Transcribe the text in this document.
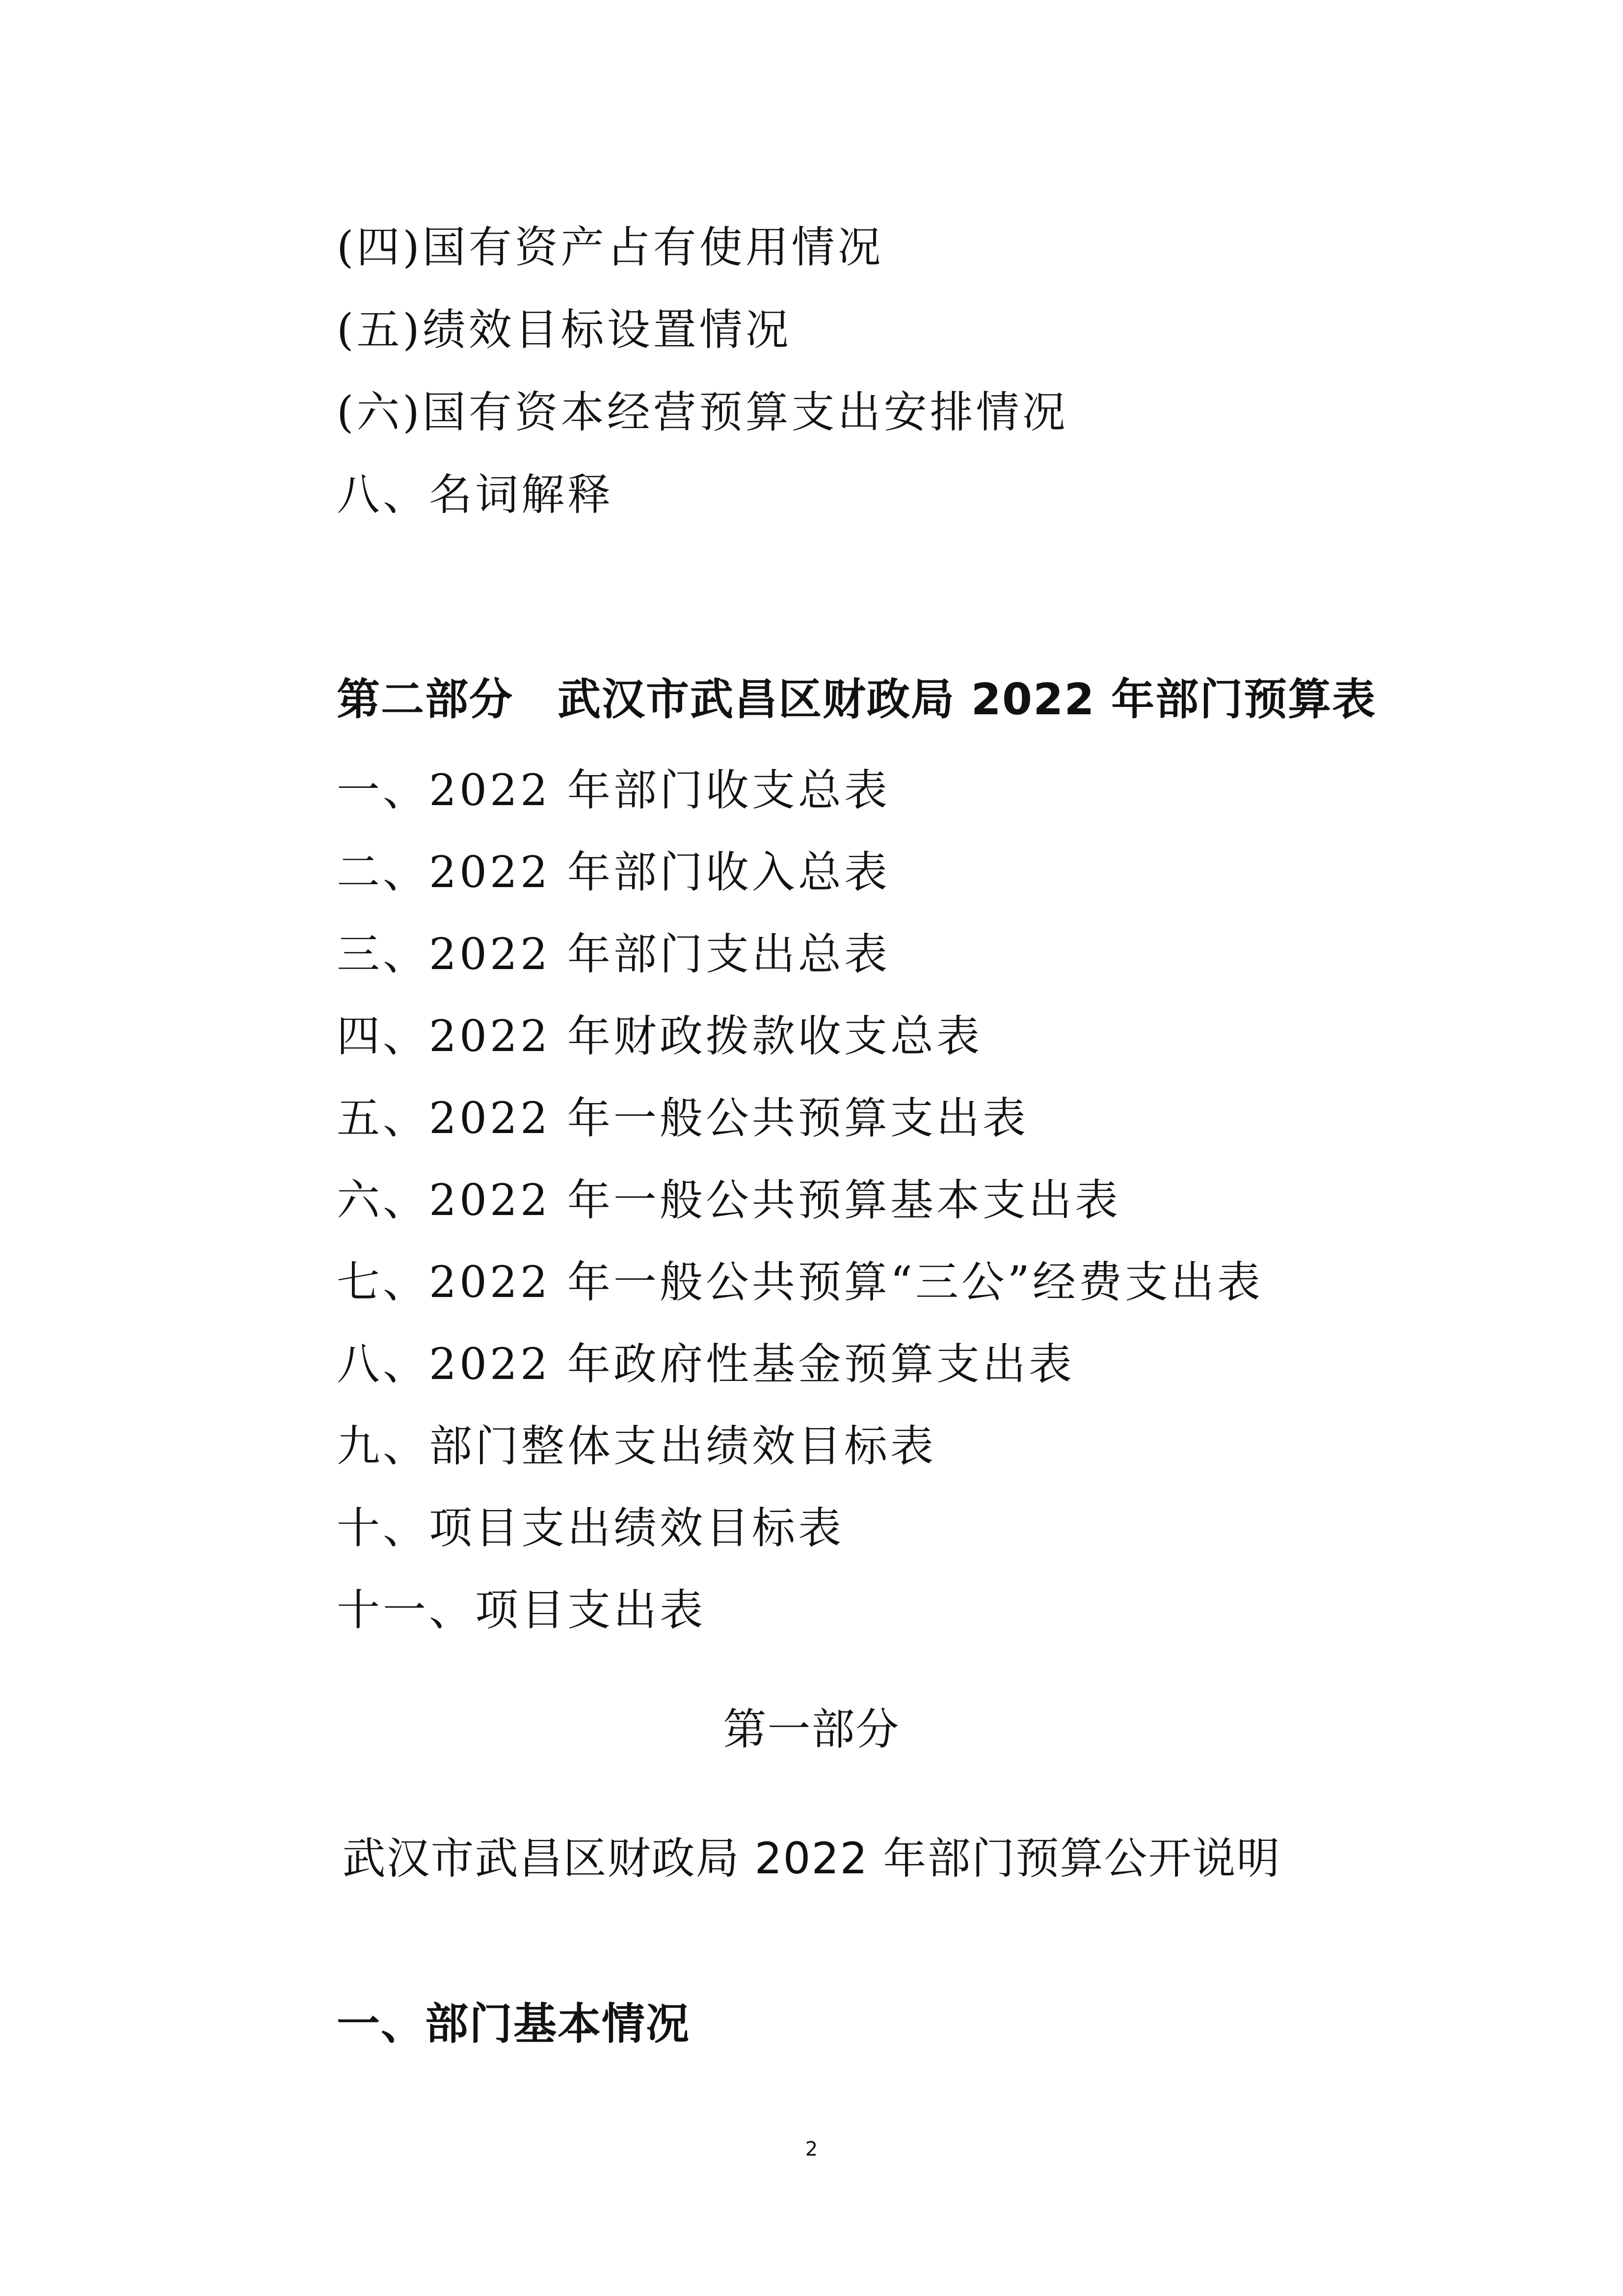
(四)国有资产占有使用情况
(五)绩效目标设置情况
(六)国有资本经营预算支出安排情况
八、名词解释
第二部分　武汉市武昌区财政局 2022 年部门预算表
一、2022 年部门收支总表
二、2022 年部门收入总表
三、2022 年部门支出总表
四、2022 年财政拨款收支总表
五、2022 年一般公共预算支出表
六、2022 年一般公共预算基本支出表
七、2022 年一般公共预算“三公”经费支出表
八、2022 年政府性基金预算支出表
九、部门整体支出绩效目标表
十、项目支出绩效目标表
十一、项目支出表
第一部分
武汉市武昌区财政局 2022 年部门预算公开说明
一、部门基本情况
2
